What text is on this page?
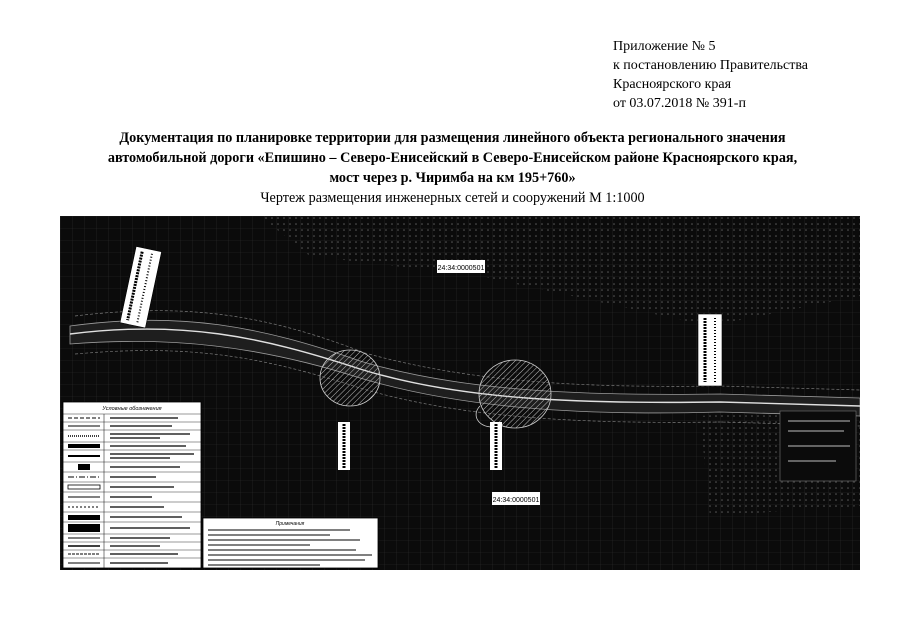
Приложение № 5
к постановлению Правительства
Красноярского края
от 03.07.2018 № 391-п
Документация по планировке территории для размещения линейного объекта регионального значения
автомобильной дороги «Епишино – Северо-Енисейский в Северо-Енисейском районе Красноярского края,
мост через р. Чиримба на км 195+760»
Чертеж размещения инженерных сетей и сооружений М 1:1000
24:34:0000501
24:34:0000501
Условные обозначения
Примечания
